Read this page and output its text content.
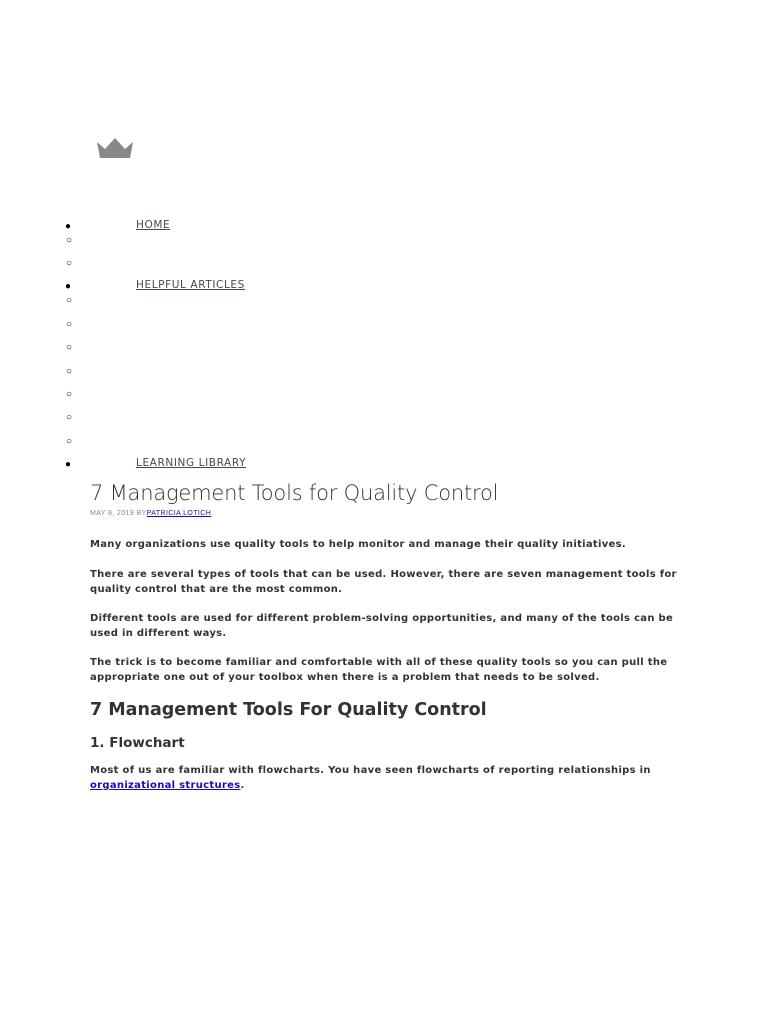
●	HOME
○
○
●	HELPFUL ARTICLES
○
○
○
○
○
○
○
●	LEARNING LIBRARY
7 Management Tools for Quality Control
MAY 8, 2019 BYPATRICIA LOTICH

Many organizations use quality tools to help monitor and manage their quality initiatives.

There are several types of tools that can be used. However, there are seven management tools for quality control that are the most common.

Different tools are used for different problem-solving opportunities, and many of the tools can be used in different ways.

The trick is to become familiar and comfortable with all of these quality tools so you can pull the appropriate one out of your toolbox when there is a problem that needs to be solved.

7 Management Tools For Quality Control
1. Flowchart

Most of us are familiar with flowcharts. You have seen flowcharts of reporting relationships in organizational structures.
